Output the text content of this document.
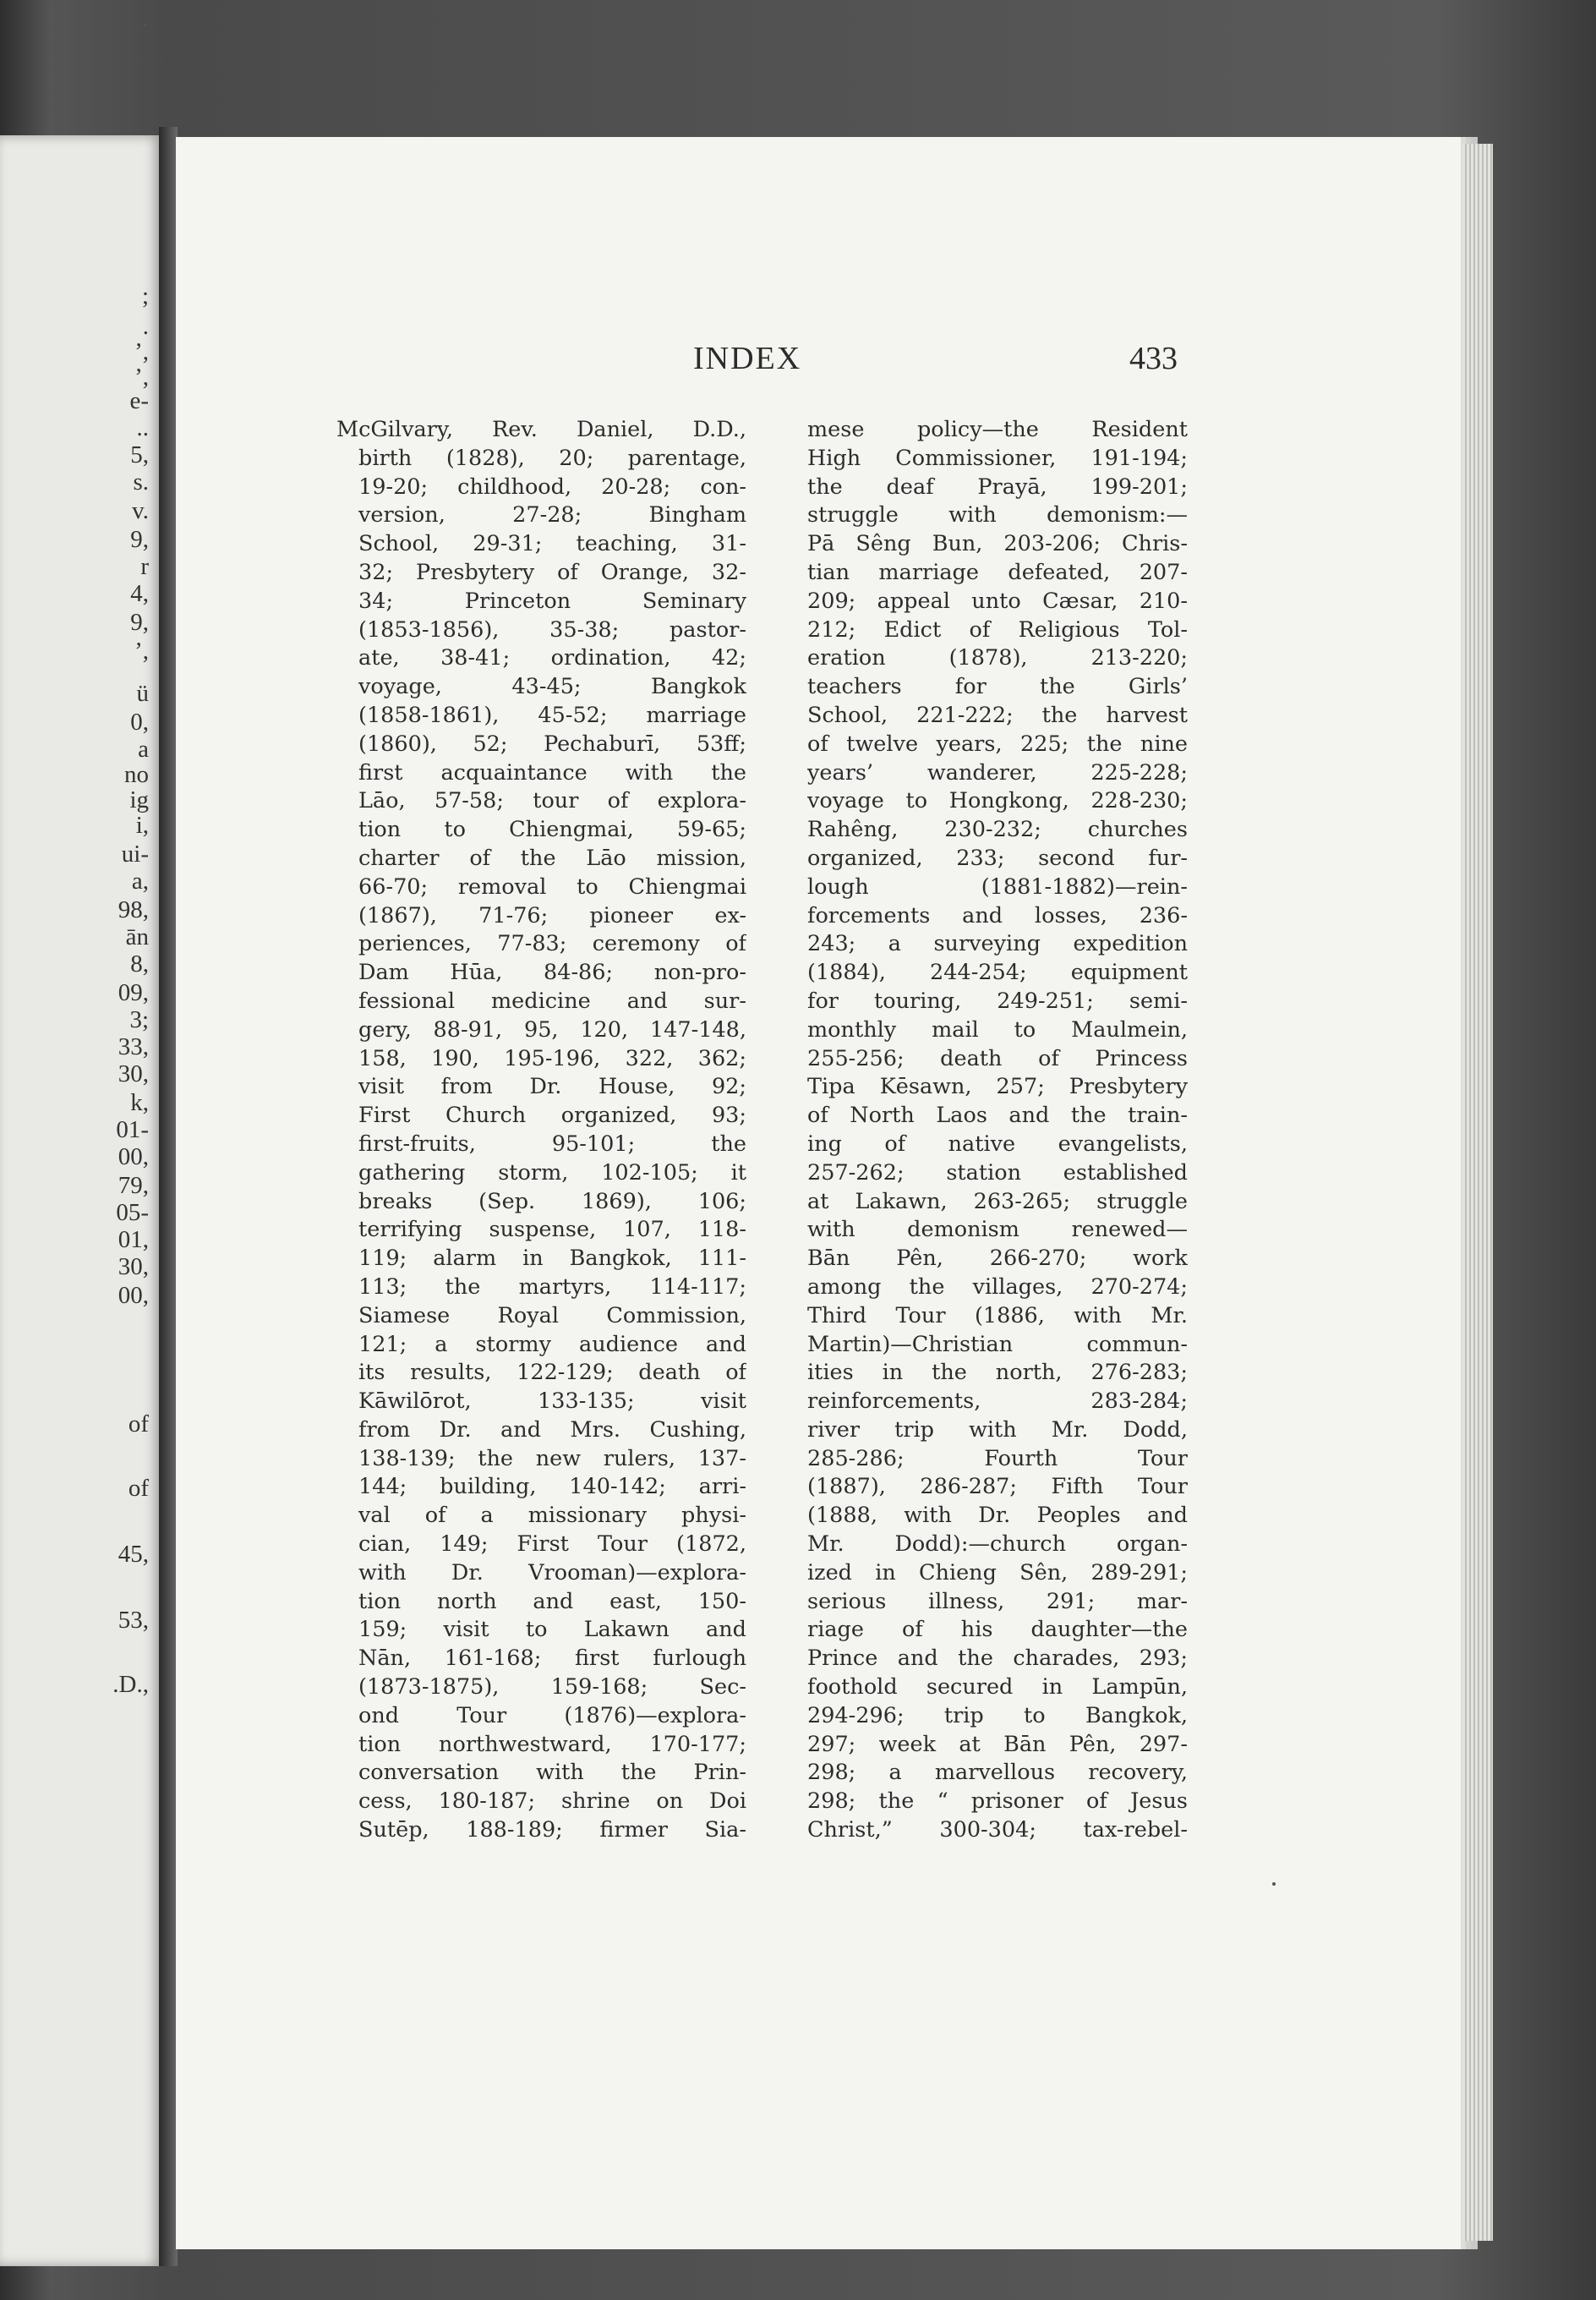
;
.
’,
’,
e-
..
5,
s.
v.
9,
r
4,
9,
’,
ü
0,
a
no
ig
i,
ui-
a,
98,
ān
8,
09,
3;
33,
30,
k,
01-
00,
79,
05-
01,
30,
00,
of
of
45,
53,
.D.,
INDEX	433
McGilvary, Rev. Daniel, D.D.,
birth (1828), 20; parentage,
19-20; childhood, 20-28; con-
version, 27-28; Bingham
School, 29-31; teaching, 31-
32; Presbytery of Orange, 32-
34; Princeton Seminary
(1853-1856), 35-38; pastor-
ate, 38-41; ordination, 42;
voyage, 43-45; Bangkok
(1858-1861), 45-52; marriage
(1860), 52; Pechaburī, 53ff;
first acquaintance with the
Lāo, 57-58; tour of explora-
tion to Chiengmai, 59-65;
charter of the Lāo mission,
66-70; removal to Chiengmai
(1867), 71-76; pioneer ex-
periences, 77-83; ceremony of
Dam Hūa, 84-86; non-pro-
fessional medicine and sur-
gery, 88-91, 95, 120, 147-148,
158, 190, 195-196, 322, 362;
visit from Dr. House, 92;
First Church organized, 93;
first-fruits, 95-101; the
gathering storm, 102-105; it
breaks (Sep. 1869), 106;
terrifying suspense, 107, 118-
119; alarm in Bangkok, 111-
113; the martyrs, 114-117;
Siamese Royal Commission,
121; a stormy audience and
its results, 122-129; death of
Kāwilōrot, 133-135; visit
from Dr. and Mrs. Cushing,
138-139; the new rulers, 137-
144; building, 140-142; arri-
val of a missionary physi-
cian, 149; First Tour (1872,
with Dr. Vrooman)—explora-
tion north and east, 150-
159; visit to Lakawn and
Nān, 161-168; first furlough
(1873-1875), 159-168; Sec-
ond Tour (1876)—explora-
tion northwestward, 170-177;
conversation with the Prin-
cess, 180-187; shrine on Doi
Sutēp, 188-189; firmer Sia-
mese policy—the Resident
High Commissioner, 191-194;
the deaf Prayā, 199-201;
struggle with demonism:—
Pā Sêng Bun, 203-206; Chris-
tian marriage defeated, 207-
209; appeal unto Cæsar, 210-
212; Edict of Religious Tol-
eration (1878), 213-220;
teachers for the Girls’
School, 221-222; the harvest
of twelve years, 225; the nine
years’ wanderer, 225-228;
voyage to Hongkong, 228-230;
Rahêng, 230-232; churches
organized, 233; second fur-
lough (1881-1882)—rein-
forcements and losses, 236-
243; a surveying expedition
(1884), 244-254; equipment
for touring, 249-251; semi-
monthly mail to Maulmein,
255-256; death of Princess
Tipa Kēsawn, 257; Presbytery
of North Laos and the train-
ing of native evangelists,
257-262; station established
at Lakawn, 263-265; struggle
with demonism renewed—
Bān Pên, 266-270; work
among the villages, 270-274;
Third Tour (1886, with Mr.
Martin)—Christian commun-
ities in the north, 276-283;
reinforcements, 283-284;
river trip with Mr. Dodd,
285-286; Fourth Tour
(1887), 286-287; Fifth Tour
(1888, with Dr. Peoples and
Mr. Dodd):—church organ-
ized in Chieng Sên, 289-291;
serious illness, 291; mar-
riage of his daughter—the
Prince and the charades, 293;
foothold secured in Lampūn,
294-296; trip to Bangkok,
297; week at Bān Pên, 297-
298; a marvellous recovery,
298; the “ prisoner of Jesus
Christ,” 300-304; tax-rebel-
